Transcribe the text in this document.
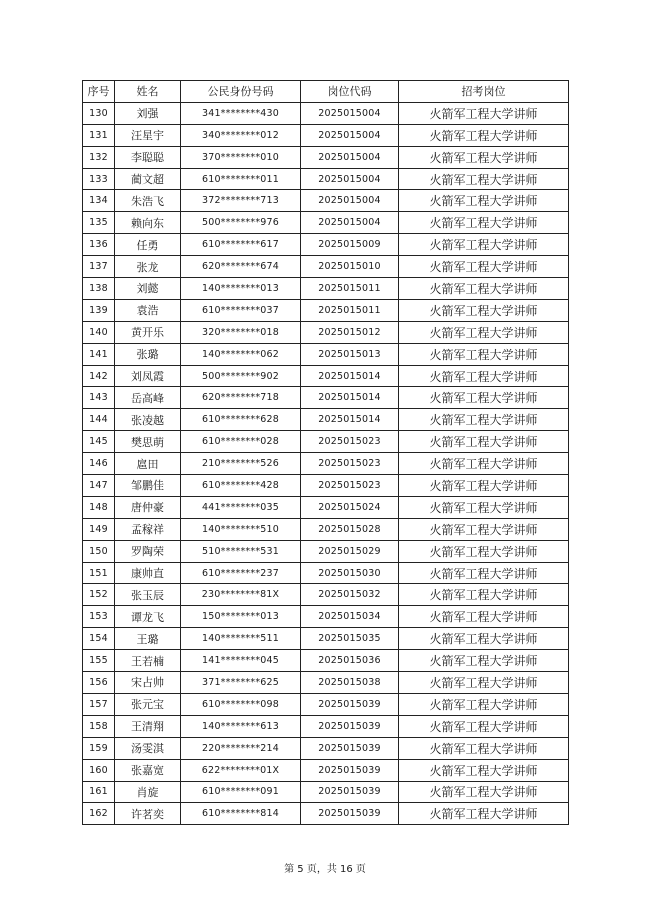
序号	姓名	公民身份号码	岗位代码	招考岗位
130	刘强	341********430	2025015004	火箭军工程大学讲师
131	汪星宇	340********012	2025015004	火箭军工程大学讲师
132	李聪聪	370********010	2025015004	火箭军工程大学讲师
133	蔺文超	610********011	2025015004	火箭军工程大学讲师
134	朱浩飞	372********713	2025015004	火箭军工程大学讲师
135	赖向东	500********976	2025015004	火箭军工程大学讲师
136	任勇	610********617	2025015009	火箭军工程大学讲师
137	张龙	620********674	2025015010	火箭军工程大学讲师
138	刘懿	140********013	2025015011	火箭军工程大学讲师
139	袁浩	610********037	2025015011	火箭军工程大学讲师
140	黄开乐	320********018	2025015012	火箭军工程大学讲师
141	张璐	140********062	2025015013	火箭军工程大学讲师
142	刘凤霞	500********902	2025015014	火箭军工程大学讲师
143	岳高峰	620********718	2025015014	火箭军工程大学讲师
144	张凌越	610********628	2025015014	火箭军工程大学讲师
145	樊思萌	610********028	2025015023	火箭军工程大学讲师
146	扈田	210********526	2025015023	火箭军工程大学讲师
147	邹鹏佳	610********428	2025015023	火箭军工程大学讲师
148	唐仲豪	441********035	2025015024	火箭军工程大学讲师
149	孟稼祥	140********510	2025015028	火箭军工程大学讲师
150	罗陶荣	510********531	2025015029	火箭军工程大学讲师
151	康帅直	610********237	2025015030	火箭军工程大学讲师
152	张玉辰	230********81X	2025015032	火箭军工程大学讲师
153	谭龙飞	150********013	2025015034	火箭军工程大学讲师
154	王璐	140********511	2025015035	火箭军工程大学讲师
155	王若楠	141********045	2025015036	火箭军工程大学讲师
156	宋占帅	371********625	2025015038	火箭军工程大学讲师
157	张元宝	610********098	2025015039	火箭军工程大学讲师
158	王清翔	140********613	2025015039	火箭军工程大学讲师
159	汤雯淇	220********214	2025015039	火箭军工程大学讲师
160	张嘉宽	622********01X	2025015039	火箭军工程大学讲师
161	肖旋	610********091	2025015039	火箭军工程大学讲师
162	许茗奕	610********814	2025015039	火箭军工程大学讲师
第 5 页，共 16 页
